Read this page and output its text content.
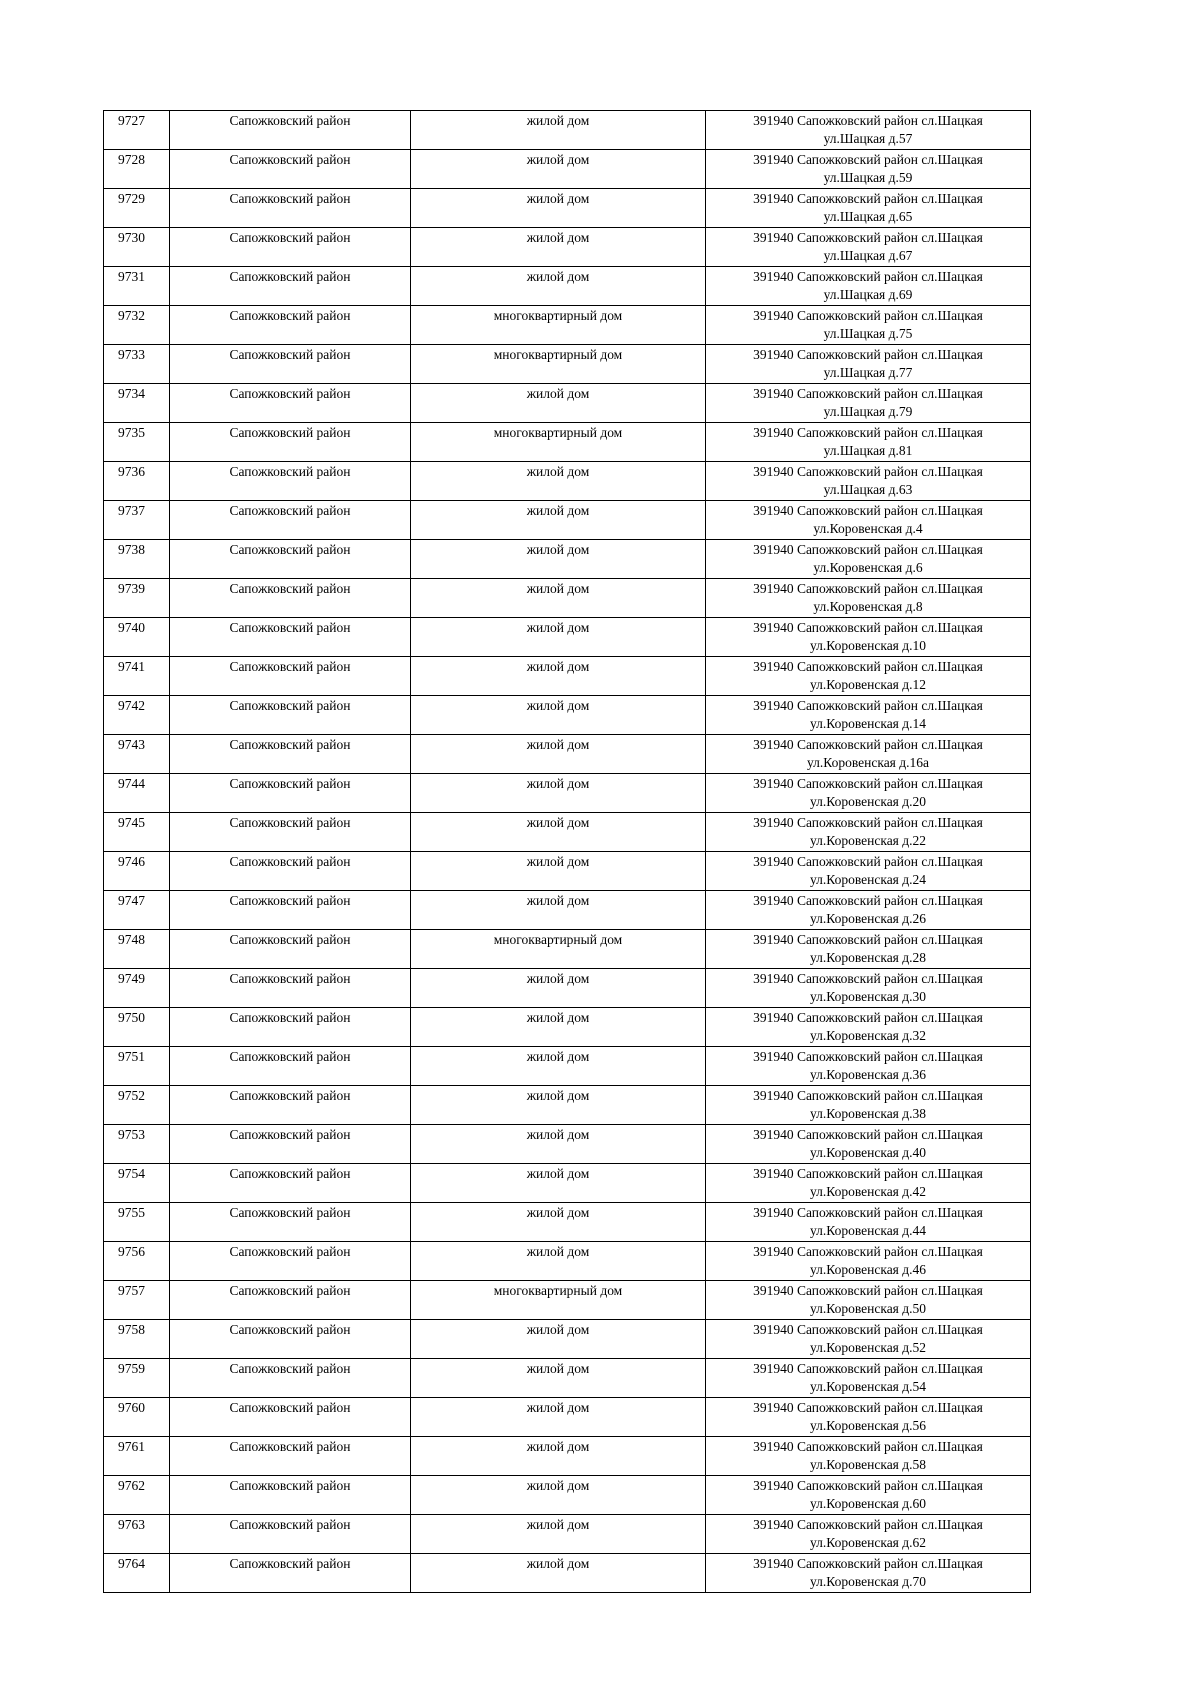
9727	Сапожковский район	жилой дом	391940 Сапожковский район сл.Шацкая
ул.Шацкая д.57

9728	Сапожковский район	жилой дом	391940 Сапожковский район сл.Шацкая
ул.Шацкая д.59

9729	Сапожковский район	жилой дом	391940 Сапожковский район сл.Шацкая
ул.Шацкая д.65

9730	Сапожковский район	жилой дом	391940 Сапожковский район сл.Шацкая
ул.Шацкая д.67

9731	Сапожковский район	жилой дом	391940 Сапожковский район сл.Шацкая
ул.Шацкая д.69

9732	Сапожковский район	многоквартирный дом	391940 Сапожковский район сл.Шацкая
ул.Шацкая д.75

9733	Сапожковский район	многоквартирный дом	391940 Сапожковский район сл.Шацкая
ул.Шацкая д.77

9734	Сапожковский район	жилой дом	391940 Сапожковский район сл.Шацкая
ул.Шацкая д.79

9735	Сапожковский район	многоквартирный дом	391940 Сапожковский район сл.Шацкая
ул.Шацкая д.81

9736	Сапожковский район	жилой дом	391940 Сапожковский район сл.Шацкая
ул.Шацкая д.63

9737	Сапожковский район	жилой дом	391940 Сапожковский район сл.Шацкая
ул.Коровенская д.4

9738	Сапожковский район	жилой дом	391940 Сапожковский район сл.Шацкая
ул.Коровенская д.6

9739	Сапожковский район	жилой дом	391940 Сапожковский район сл.Шацкая
ул.Коровенская д.8

9740	Сапожковский район	жилой дом	391940 Сапожковский район сл.Шацкая
ул.Коровенская д.10

9741	Сапожковский район	жилой дом	391940 Сапожковский район сл.Шацкая
ул.Коровенская д.12

9742	Сапожковский район	жилой дом	391940 Сапожковский район сл.Шацкая
ул.Коровенская д.14

9743	Сапожковский район	жилой дом	391940 Сапожковский район сл.Шацкая
ул.Коровенская д.16а

9744	Сапожковский район	жилой дом	391940 Сапожковский район сл.Шацкая
ул.Коровенская д.20

9745	Сапожковский район	жилой дом	391940 Сапожковский район сл.Шацкая
ул.Коровенская д.22

9746	Сапожковский район	жилой дом	391940 Сапожковский район сл.Шацкая
ул.Коровенская д.24

9747	Сапожковский район	жилой дом	391940 Сапожковский район сл.Шацкая
ул.Коровенская д.26

9748	Сапожковский район	многоквартирный дом	391940 Сапожковский район сл.Шацкая
ул.Коровенская д.28

9749	Сапожковский район	жилой дом	391940 Сапожковский район сл.Шацкая
ул.Коровенская д.30

9750	Сапожковский район	жилой дом	391940 Сапожковский район сл.Шацкая
ул.Коровенская д.32

9751	Сапожковский район	жилой дом	391940 Сапожковский район сл.Шацкая
ул.Коровенская д.36

9752	Сапожковский район	жилой дом	391940 Сапожковский район сл.Шацкая
ул.Коровенская д.38

9753	Сапожковский район	жилой дом	391940 Сапожковский район сл.Шацкая
ул.Коровенская д.40

9754	Сапожковский район	жилой дом	391940 Сапожковский район сл.Шацкая
ул.Коровенская д.42

9755	Сапожковский район	жилой дом	391940 Сапожковский район сл.Шацкая
ул.Коровенская д.44

9756	Сапожковский район	жилой дом	391940 Сапожковский район сл.Шацкая
ул.Коровенская д.46

9757	Сапожковский район	многоквартирный дом	391940 Сапожковский район сл.Шацкая
ул.Коровенская д.50

9758	Сапожковский район	жилой дом	391940 Сапожковский район сл.Шацкая
ул.Коровенская д.52

9759	Сапожковский район	жилой дом	391940 Сапожковский район сл.Шацкая
ул.Коровенская д.54

9760	Сапожковский район	жилой дом	391940 Сапожковский район сл.Шацкая
ул.Коровенская д.56

9761	Сапожковский район	жилой дом	391940 Сапожковский район сл.Шацкая
ул.Коровенская д.58

9762	Сапожковский район	жилой дом	391940 Сапожковский район сл.Шацкая
ул.Коровенская д.60

9763	Сапожковский район	жилой дом	391940 Сапожковский район сл.Шацкая
ул.Коровенская д.62

9764	Сапожковский район	жилой дом	391940 Сапожковский район сл.Шацкая
ул.Коровенская д.70
